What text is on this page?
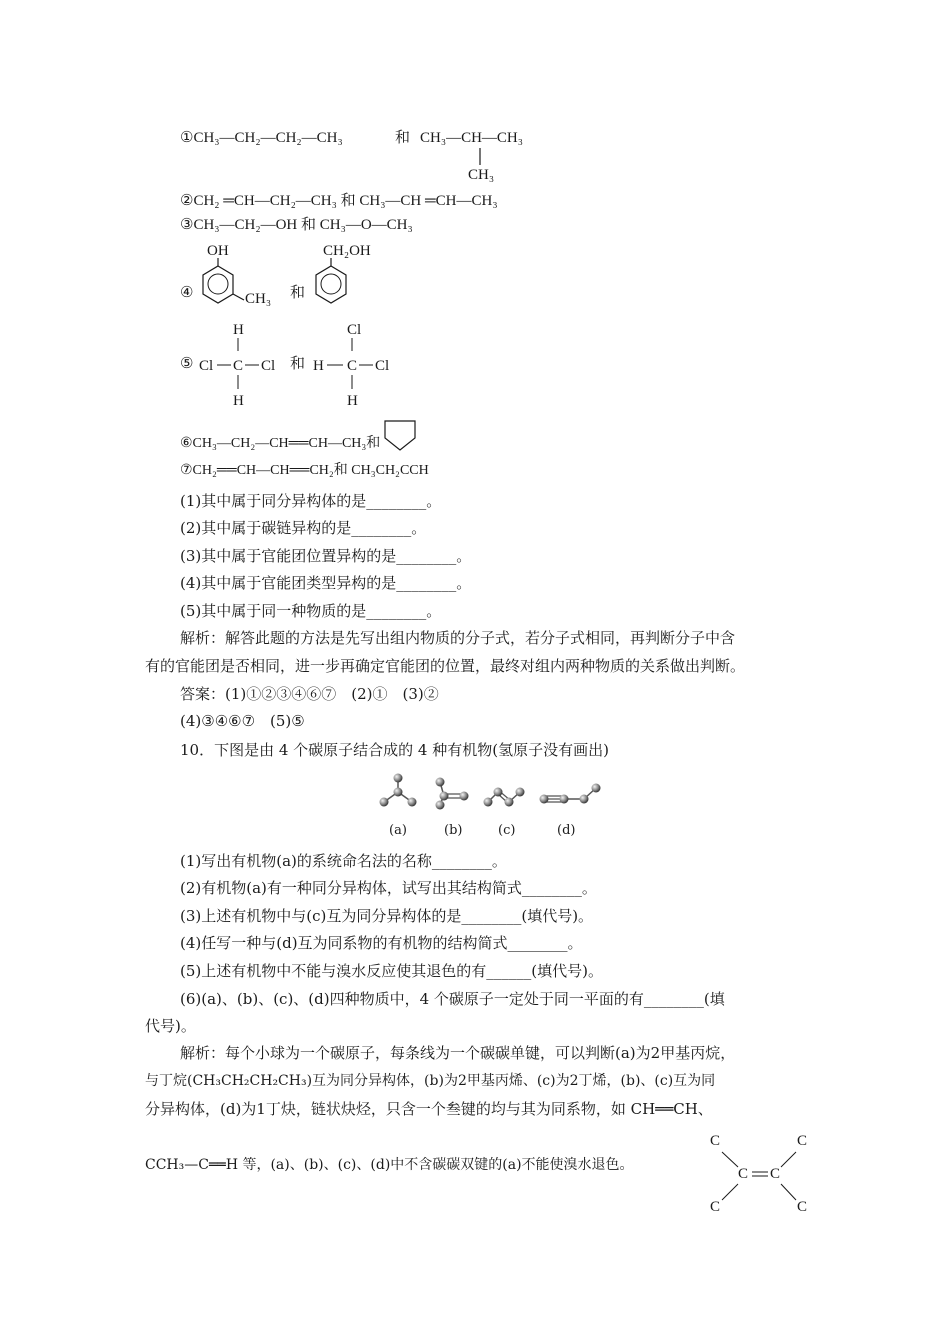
①CH₃—CH₂—CH₂—CH₃	和 CH₃—CH—CH₃
CH₃
②CH₂ ═CH—CH₂—CH₃ 和 CH₃—CH ═CH—CH₃
③CH₃—CH₂—OH 和 CH₃—O—CH₃
④
OH
CH₃ 和
CH₂OH
⑤
H
Cl C Cl
H
Cl
H C Cl
H
和
⑥CH₃—CH₂—CH══CH—CH₃和
⑦CH₂══CH—CH══CH₂和 CH₃CH₂CCH
(1)其中属于同分异构体的是________。
(2)其中属于碳链异构的是________。
(3)其中属于官能团位置异构的是________。
(4)其中属于官能团类型异构的是________。
(5)其中属于同一种物质的是________。
解析：解答此题的方法是先写出组内物质的分子式，若分子式相同，再判断分子中含
有的官能团是否相同，进一步再确定官能团的位置，最终对组内两种物质的关系做出判断。
答案：(1)①②③④⑥⑦　(2)①　(3)②
(4)③④⑥⑦　(5)⑤
10．下图是由 4 个碳原子结合成的 4 种有机物(氢原子没有画出)
(a)	(b)	(c)	(d)
(1)写出有机物(a)的系统命名法的名称________。
(2)有机物(a)有一种同分异构体，试写出其结构简式________。
(3)上述有机物中与(c)互为同分异构体的是________(填代号)。
(4)任写一种与(d)互为同系物的有机物的结构简式________。
(5)上述有机物中不能与溴水反应使其退色的有______(填代号)。
(6)(a)、(b)、(c)、(d)四种物质中，4 个碳原子一定处于同一平面的有________(填
代号)。
解析：每个小球为一个碳原子，每条线为一个碳碳单键，可以判断(a)为2甲基丙烷，
与丁烷(CH₃CH₂CH₂CH₃)互为同分异构体，(b)为2甲基丙烯、(c)为2丁烯，(b)、(c)互为同
分异构体，(d)为1丁炔，链状炔烃，只含一个叁键的均与其为同系物，如 CH══CH、
CCH₃—C══H 等，(a)、(b)、(c)、(d)中不含碳碳双键的(a)不能使溴水退色。
C	C
C C
C	C
